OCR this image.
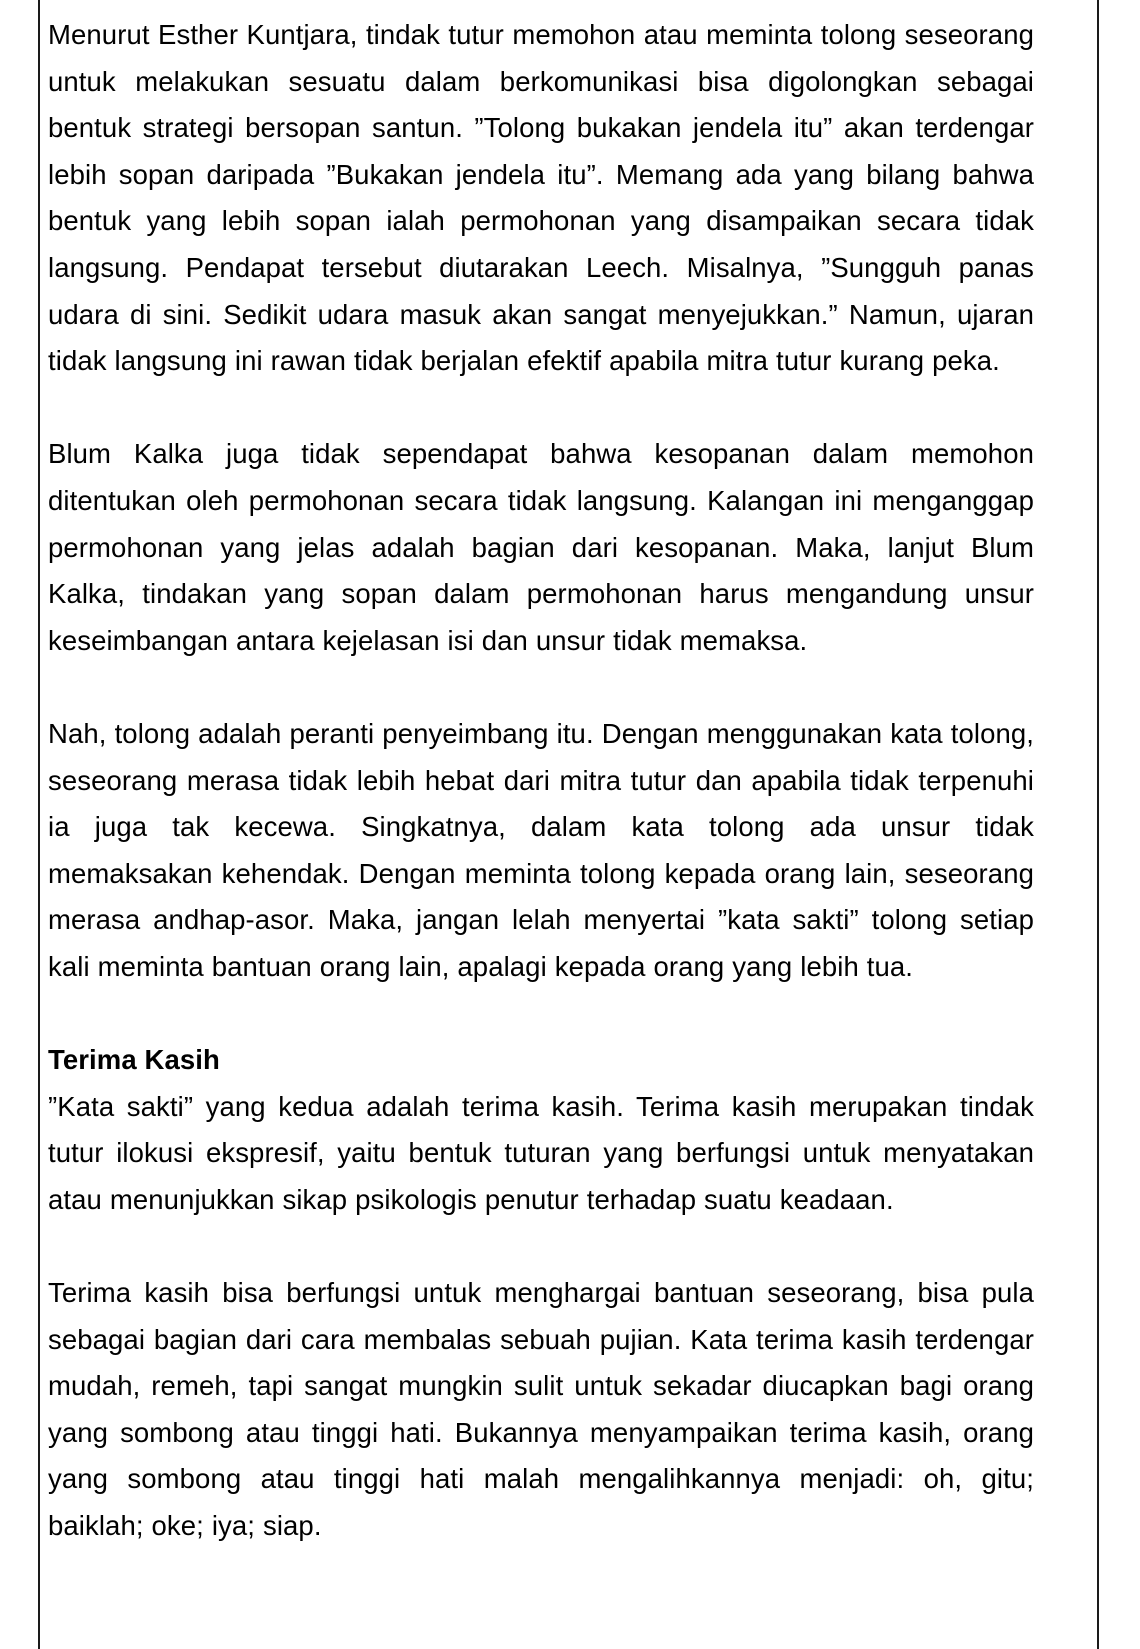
Menurut Esther Kuntjara, tindak tutur memohon atau meminta tolong seseorang untuk melakukan sesuatu dalam berkomunikasi bisa digolongkan sebagai bentuk strategi bersopan santun. ”Tolong bukakan jendela itu” akan terdengar lebih sopan daripada ”Bukakan jendela itu”. Memang ada yang bilang bahwa bentuk yang lebih sopan ialah permohonan yang disampaikan secara tidak langsung. Pendapat tersebut diutarakan Leech. Misalnya, ”Sungguh panas udara di sini. Sedikit udara masuk akan sangat menyejukkan.” Namun, ujaran tidak langsung ini rawan tidak berjalan efektif apabila mitra tutur kurang peka.

Blum Kalka juga tidak sependapat bahwa kesopanan dalam memohon ditentukan oleh permohonan secara tidak langsung. Kalangan ini menganggap permohonan yang jelas adalah bagian dari kesopanan. Maka, lanjut Blum Kalka, tindakan yang sopan dalam permohonan harus mengandung unsur keseimbangan antara kejelasan isi dan unsur tidak memaksa.

Nah, tolong adalah peranti penyeimbang itu. Dengan menggunakan kata tolong, seseorang merasa tidak lebih hebat dari mitra tutur dan apabila tidak terpenuhi ia juga tak kecewa. Singkatnya, dalam kata tolong ada unsur tidak memaksakan kehendak. Dengan meminta tolong kepada orang lain, seseorang merasa andhap-asor. Maka, jangan lelah menyertai ”kata sakti” tolong setiap kali meminta bantuan orang lain, apalagi kepada orang yang lebih tua.

Terima Kasih

”Kata sakti” yang kedua adalah terima kasih. Terima kasih merupakan tindak tutur ilokusi ekspresif, yaitu bentuk tuturan yang berfungsi untuk menyatakan atau menunjukkan sikap psikologis penutur terhadap suatu keadaan.

Terima kasih bisa berfungsi untuk menghargai bantuan seseorang, bisa pula sebagai bagian dari cara membalas sebuah pujian. Kata terima kasih terdengar mudah, remeh, tapi sangat mungkin sulit untuk sekadar diucapkan bagi orang yang sombong atau tinggi hati. Bukannya menyampaikan terima kasih, orang yang sombong atau tinggi hati malah mengalihkannya menjadi: oh, gitu; baiklah; oke; iya; siap.
